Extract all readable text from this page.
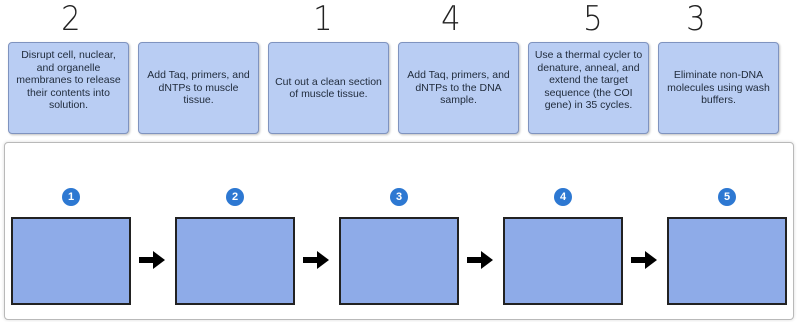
2	1	4	5 3
Disrupt cell, nuclear, and organelle membranes to release their contents into solution.
Add Taq, primers, and dNTPs to muscle tissue.
Cut out a clean section of muscle tissue.
Add Taq, primers, and dNTPs to the DNA sample.
Use a thermal cycler to denature, anneal, and extend the target sequence (the COI gene) in 35 cycles.
Eliminate non-DNA molecules using wash buffers.
1	2	3	4	5
